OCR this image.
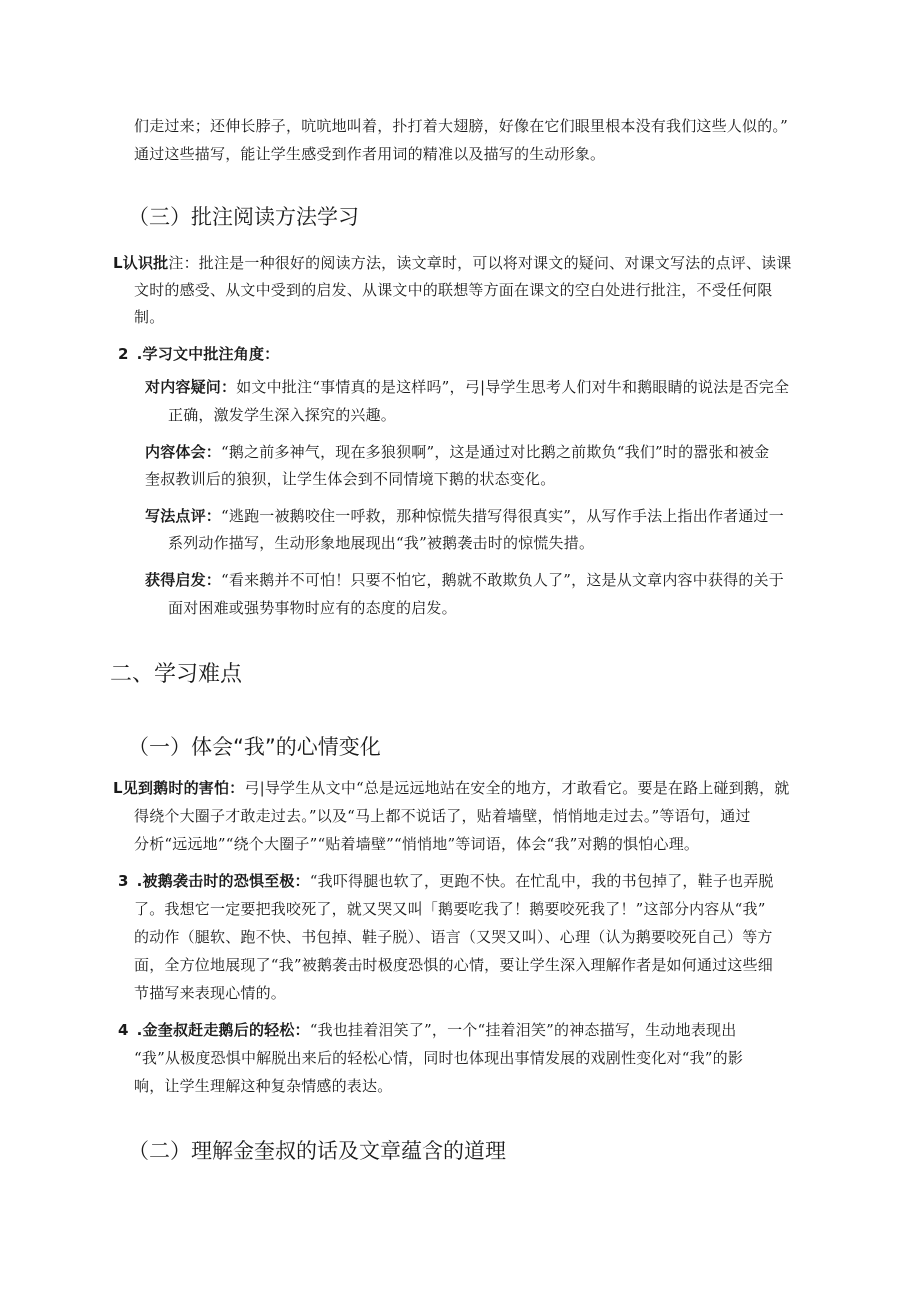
们走过来；还伸长脖子，吭吭地叫着，扑打着大翅膀，好像在它们眼里根本没有我们这些人似的。”
通过这些描写，能让学生感受到作者用词的精准以及描写的生动形象。
（三）批注阅读方法学习
L认识批注：批注是一种很好的阅读方法，读文章时，可以将对课文的疑问、对课文写法的点评、读课
文时的感受、从文中受到的启发、从课文中的联想等方面在课文的空白处进行批注，不受任何限
制。
2 .学习文中批注角度：
对内容疑问：如文中批注“事情真的是这样吗”，弓|导学生思考人们对牛和鹅眼睛的说法是否完全
正确，激发学生深入探究的兴趣。
内容体会：“鹅之前多神气，现在多狼狈啊”，这是通过对比鹅之前欺负“我们”时的嚣张和被金
奎叔教训后的狼狈，让学生体会到不同情境下鹅的状态变化。
写法点评：“逃跑一被鹅咬住一呼救，那种惊慌失措写得很真实”，从写作手法上指出作者通过一
系列动作描写，生动形象地展现出“我”被鹅袭击时的惊慌失措。
获得启发：“看来鹅并不可怕！只要不怕它，鹅就不敢欺负人了”，这是从文章内容中获得的关于
面对困难或强势事物时应有的态度的启发。
二、学习难点
（一）体会“我”的心情变化
L见到鹅时的害怕：弓|导学生从文中“总是远远地站在安全的地方，才敢看它。要是在路上碰到鹅，就
得绕个大圈子才敢走过去。”以及“马上都不说话了，贴着墙壁，悄悄地走过去。”等语句，通过
分析“远远地”“绕个大圈子”“贴着墙壁”“悄悄地”等词语，体会“我”对鹅的惧怕心理。
3 .被鹅袭击时的恐惧至极：“我吓得腿也软了，更跑不快。在忙乱中，我的书包掉了，鞋子也弄脱
了。我想它一定要把我咬死了，就又哭又叫「鹅要吃我了！鹅要咬死我了！”这部分内容从“我”
的动作（腿软、跑不快、书包掉、鞋子脱）、语言（又哭又叫）、心理（认为鹅要咬死自己）等方
面，全方位地展现了“我”被鹅袭击时极度恐惧的心情，要让学生深入理解作者是如何通过这些细
节描写来表现心情的。
4 .金奎叔赶走鹅后的轻松：“我也挂着泪笑了”，一个“挂着泪笑”的神态描写，生动地表现出
“我”从极度恐惧中解脱出来后的轻松心情，同时也体现出事情发展的戏剧性变化对“我”的影
响，让学生理解这种复杂情感的表达。
（二）理解金奎叔的话及文章蕴含的道理
